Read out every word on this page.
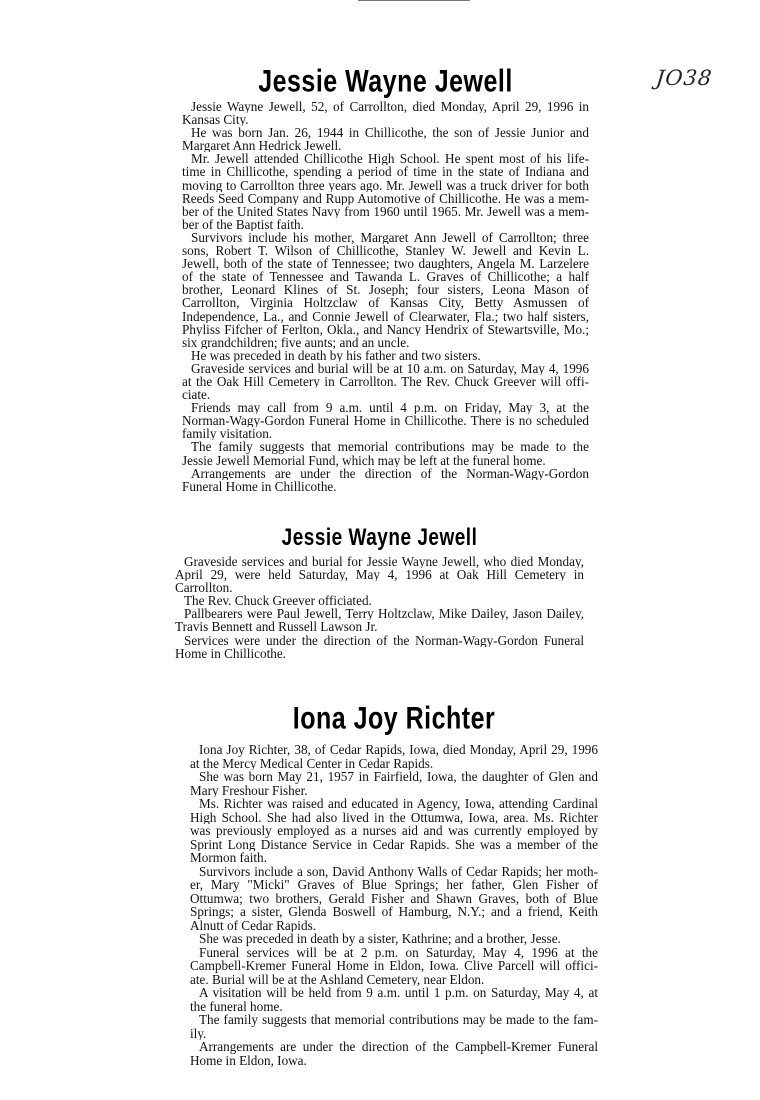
JO38
Jessie Wayne Jewell
Jessie Wayne Jewell, 52, of Carrollton, died Monday, April 29, 1996 in
Kansas City.
He was born Jan. 26, 1944 in Chillicothe, the son of Jessie Junior and
Margaret Ann Hedrick Jewell.
Mr. Jewell attended Chillicothe High School. He spent most of his life-
time in Chillicothe, spending a period of time in the state of Indiana and
moving to Carrollton three years ago. Mr. Jewell was a truck driver for both
Reeds Seed Company and Rupp Automotive of Chillicothe. He was a mem-
ber of the United States Navy from 1960 until 1965. Mr. Jewell was a mem-
ber of the Baptist faith.
Survivors include his mother, Margaret Ann Jewell of Carrollton; three
sons, Robert T. Wilson of Chillicothe, Stanley W. Jewell and Kevin L.
Jewell, both of the state of Tennessee; two daughters, Angela M. Larzelere
of the state of Tennessee and Tawanda L. Graves of Chillicothe; a half
brother, Leonard Klines of St. Joseph; four sisters, Leona Mason of
Carrollton, Virginia Holtzclaw of Kansas City, Betty Asmussen of
Independence, La., and Connie Jewell of Clearwater, Fla.; two half sisters,
Phyliss Fifcher of Ferlton, Okla., and Nancy Hendrix of Stewartsville, Mo.;
six grandchildren; five aunts; and an uncle.
He was preceded in death by his father and two sisters.
Graveside services and burial will be at 10 a.m. on Saturday, May 4, 1996
at the Oak Hill Cemetery in Carrollton. The Rev. Chuck Greever will offi-
ciate.
Friends may call from 9 a.m. until 4 p.m. on Friday, May 3, at the
Norman-Wagy-Gordon Funeral Home in Chillicothe. There is no scheduled
family visitation.
The family suggests that memorial contributions may be made to the
Jessie Jewell Memorial Fund, which may be left at the funeral home.
Arrangements are under the direction of the Norman-Wagy-Gordon
Funeral Home in Chillicothe.
Jessie Wayne Jewell
Graveside services and burial for Jessie Wayne Jewell, who died Monday,
April 29, were held Saturday, May 4, 1996 at Oak Hill Cemetery in
Carrollton.
The Rev. Chuck Greever officiated.
Pallbearers were Paul Jewell, Terry Holtzclaw, Mike Dailey, Jason Dailey,
Travis Bennett and Russell Lawson Jr.
Services were under the direction of the Norman-Wagy-Gordon Funeral
Home in Chillicothe.
Iona Joy Richter
Iona Joy Richter, 38, of Cedar Rapids, Iowa, died Monday, April 29, 1996
at the Mercy Medical Center in Cedar Rapids.
She was born May 21, 1957 in Fairfield, Iowa, the daughter of Glen and
Mary Freshour Fisher.
Ms. Richter was raised and educated in Agency, Iowa, attending Cardinal
High School. She had also lived in the Ottumwa, Iowa, area. Ms. Richter
was previously employed as a nurses aid and was currently employed by
Sprint Long Distance Service in Cedar Rapids. She was a member of the
Mormon faith.
Survivors include a son, David Anthony Walls of Cedar Rapids; her moth-
er, Mary "Micki" Graves of Blue Springs; her father, Glen Fisher of
Ottumwa; two brothers, Gerald Fisher and Shawn Graves, both of Blue
Springs; a sister, Glenda Boswell of Hamburg, N.Y.; and a friend, Keith
Alnutt of Cedar Rapids.
She was preceded in death by a sister, Kathrine; and a brother, Jesse.
Funeral services will be at 2 p.m. on Saturday, May 4, 1996 at the
Campbell-Kremer Funeral Home in Eldon, Iowa. Clive Parcell will offici-
ate. Burial will be at the Ashland Cemetery, near Eldon.
A visitation will be held from 9 a.m. until 1 p.m. on Saturday, May 4, at
the funeral home.
The family suggests that memorial contributions may be made to the fam-
ily.
Arrangements are under the direction of the Campbell-Kremer Funeral
Home in Eldon, Iowa.
